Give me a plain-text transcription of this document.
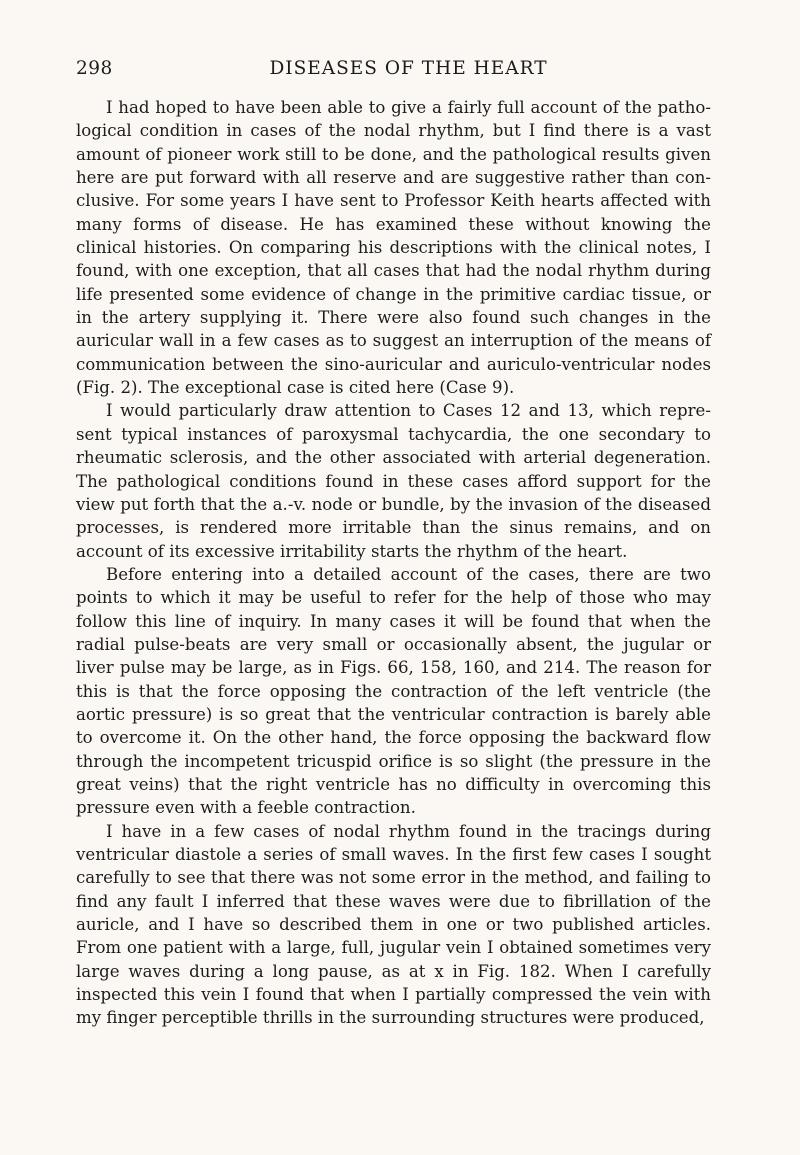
298	DISEASES OF THE HEART

I had hoped to have been able to give a fairly full account of the pathological condition in cases of the nodal rhythm, but I find there is a vast amount of pioneer work still to be done, and the pathological results given here are put forward with all reserve and are suggestive rather than conclusive. For some years I have sent to Professor Keith hearts affected with many forms of disease. He has examined these without knowing the clinical histories. On comparing his descriptions with the clinical notes, I found, with one exception, that all cases that had the nodal rhythm during life presented some evidence of change in the primitive cardiac tissue, or in the artery supplying it. There were also found such changes in the auricular wall in a few cases as to suggest an interruption of the means of communication between the sino-auricular and auriculo-ventricular nodes (Fig. 2). The exceptional case is cited here (Case 9).

I would particularly draw attention to Cases 12 and 13, which represent typical instances of paroxysmal tachycardia, the one secondary to rheumatic sclerosis, and the other associated with arterial degeneration. The pathological conditions found in these cases afford support for the view put forth that the a.-v. node or bundle, by the invasion of the diseased processes, is rendered more irritable than the sinus remains, and on account of its excessive irritability starts the rhythm of the heart.

Before entering into a detailed account of the cases, there are two points to which it may be useful to refer for the help of those who may follow this line of inquiry. In many cases it will be found that when the radial pulse-beats are very small or occasionally absent, the jugular or liver pulse may be large, as in Figs. 66, 158, 160, and 214. The reason for this is that the force opposing the contraction of the left ventricle (the aortic pressure) is so great that the ventricular contraction is barely able to overcome it. On the other hand, the force opposing the backward flow through the incompetent tricuspid orifice is so slight (the pressure in the great veins) that the right ventricle has no difficulty in overcoming this pressure even with a feeble contraction.

I have in a few cases of nodal rhythm found in the tracings during ventricular diastole a series of small waves. In the first few cases I sought carefully to see that there was not some error in the method, and failing to find any fault I inferred that these waves were due to fibrillation of the auricle, and I have so described them in one or two published articles. From one patient with a large, full, jugular vein I obtained sometimes very large waves during a long pause, as at x in Fig. 182. When I carefully inspected this vein I found that when I partially compressed the vein with my finger perceptible thrills in the surrounding structures were produced,
